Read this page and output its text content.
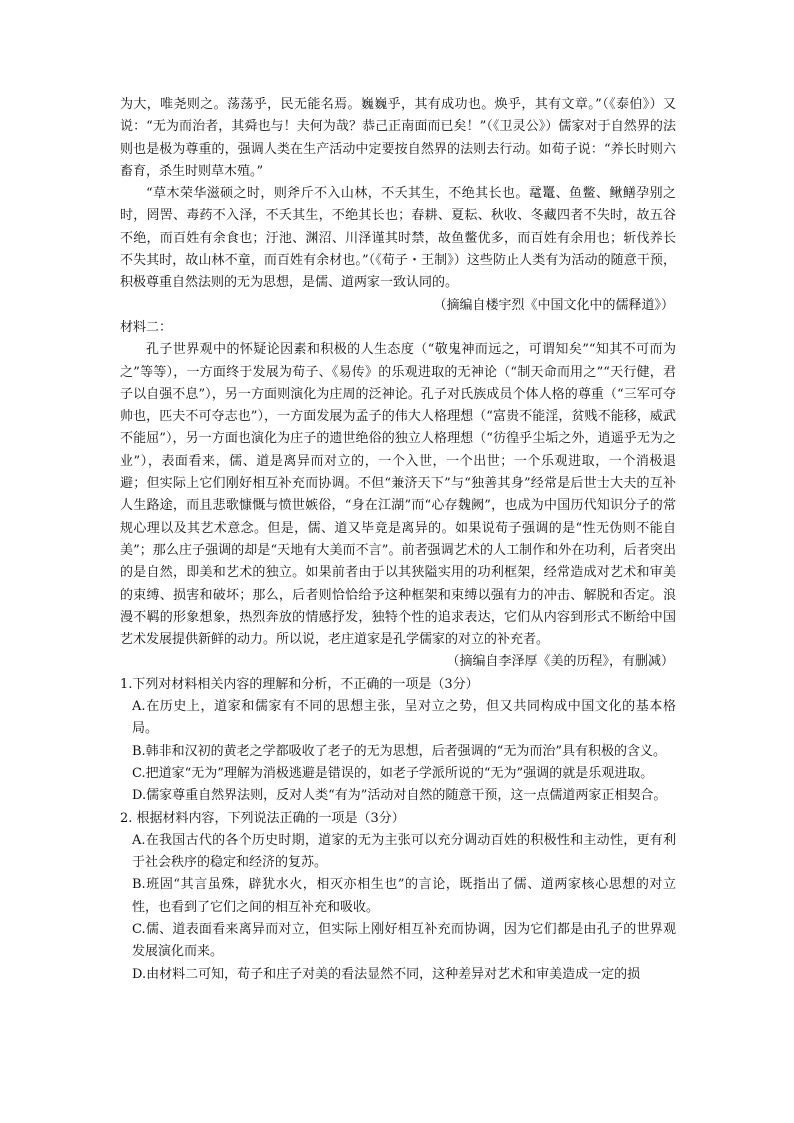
为大，唯尧则之。荡荡乎，民无能名焉。巍巍乎，其有成功也。焕乎，其有文章。”（《泰伯》）又说：“无为而治者，其舜也与！夫何为哉？恭己正南面而已矣！”（《卫灵公》）儒家对于自然界的法则也是极为尊重的，强调人类在生产活动中定要按自然界的法则去行动。如荀子说：“养长时则六畜育，杀生时则草木殖。”

“草木荣华滋硕之时，则斧斤不入山林，不夭其生，不绝其长也。鼋鼍、鱼鳖、鳅鳝孕别之时，罔罟、毒药不入泽，不夭其生，不绝其长也；春耕、夏耘、秋收、冬藏四者不失时，故五谷不绝，而百姓有余食也；汙池、渊沼、川泽谨其时禁，故鱼鳖优多，而百姓有余用也；斩伐养长不失其时，故山林不童，而百姓有余材也。”（《荀子・王制》）这些防止人类有为活动的随意干预，积极尊重自然法则的无为思想，是儒、道两家一致认同的。

（摘编自楼宇烈《中国文化中的儒释道》）

材料二：

孔子世界观中的怀疑论因素和积极的人生态度（“敬鬼神而远之，可谓知矣”“知其不可而为之”等等），一方面终于发展为荀子、《易传》的乐观进取的无神论（“制天命而用之”“天行健，君子以自强不息”），另一方面则演化为庄周的泛神论。孔子对氏族成员个体人格的尊重（“三军可夺帅也，匹夫不可夺志也”），一方面发展为孟子的伟大人格理想（“富贵不能淫，贫贱不能移，威武不能屈”），另一方面也演化为庄子的遗世绝俗的独立人格理想（“彷徨乎尘垢之外，逍遥乎无为之业”），表面看来，儒、道是离异而对立的，一个入世，一个出世；一个乐观进取，一个消极退避；但实际上它们刚好相互补充而协调。不但“兼济天下”与“独善其身”经常是后世士大夫的互补人生路途，而且悲歌慷慨与愤世嫉俗，“身在江湖”而“心存魏阙”，也成为中国历代知识分子的常规心理以及其艺术意念。但是，儒、道又毕竟是离异的。如果说荀子强调的是“性无伪则不能自美”；那么庄子强调的却是“天地有大美而不言”。前者强调艺术的人工制作和外在功利，后者突出的是自然，即美和艺术的独立。如果前者由于以其狭隘实用的功利框架，经常造成对艺术和审美的束缚、损害和破坏；那么，后者则恰恰给予这种框架和束缚以强有力的冲击、解脱和否定。浪漫不羁的形象想象，热烈奔放的情感抒发，独特个性的追求表达，它们从内容到形式不断给中国艺术发展提供新鲜的动力。所以说，老庄道家是孔学儒家的对立的补充者。

（摘编自李泽厚《美的历程》，有删减）

1.下列对材料相关内容的理解和分析，不正确的一项是（3分）

A.在历史上，道家和儒家有不同的思想主张，呈对立之势，但又共同构成中国文化的基本格局。

B.韩非和汉初的黄老之学都吸收了老子的无为思想，后者强调的“无为而治”具有积极的含义。

C.把道家“无为”理解为消极逃避是错误的，如老子学派所说的“无为”强调的就是乐观进取。

D.儒家尊重自然界法则，反对人类“有为”活动对自然的随意干预，这一点儒道两家正相契合。

2. 根据材料内容，下列说法正确的一项是（3分）

A.在我国古代的各个历史时期，道家的无为主张可以充分调动百姓的积极性和主动性，更有利于社会秩序的稳定和经济的复苏。

B.班固“其言虽殊，辟犹水火，相灭亦相生也”的言论，既指出了儒、道两家核心思想的对立性，也看到了它们之间的相互补充和吸收。

C.儒、道表面看来离异而对立，但实际上刚好相互补充而协调，因为它们都是由孔子的世界观发展演化而来。

D.由材料二可知，荀子和庄子对美的看法显然不同，这种差异对艺术和审美造成一定的损
